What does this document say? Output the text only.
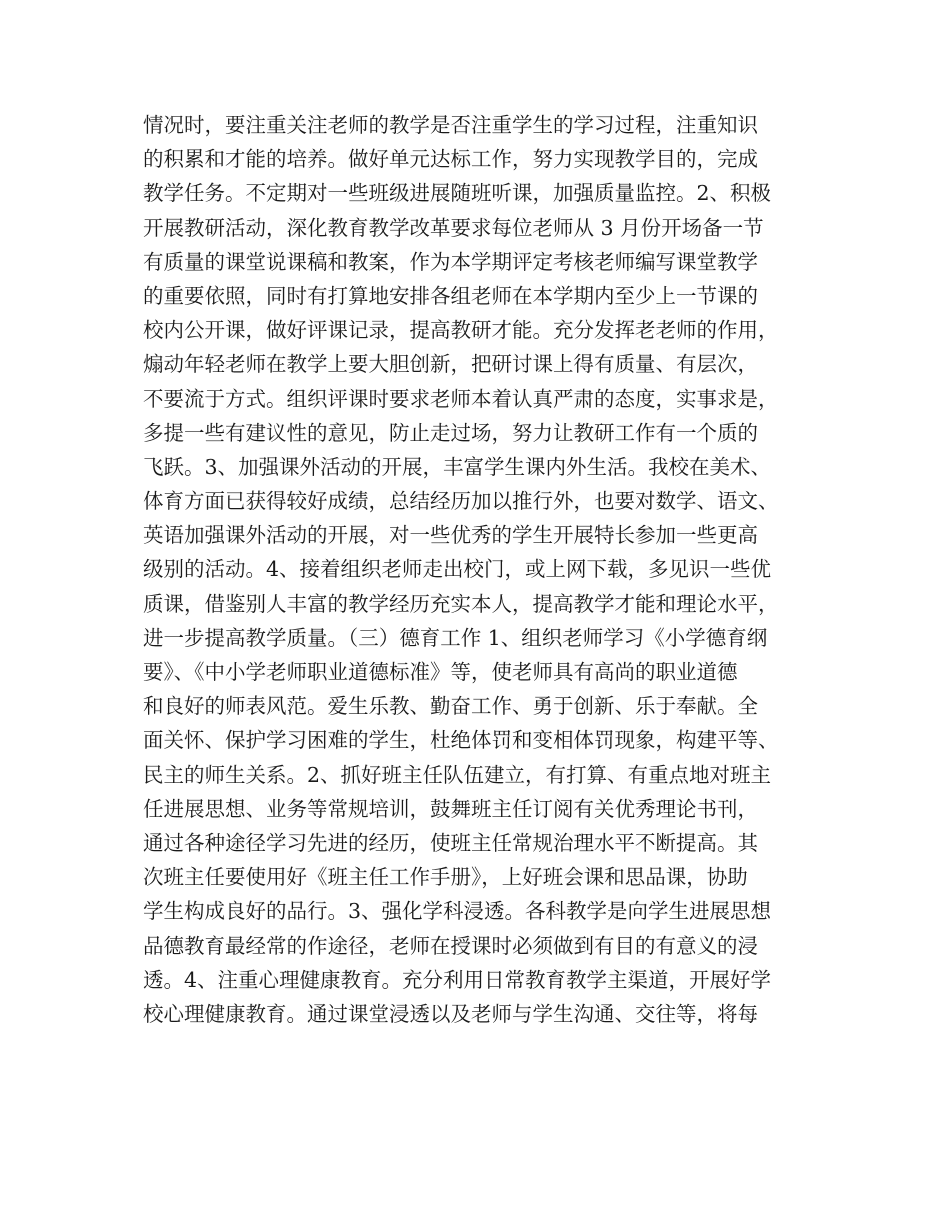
情况时，要注重关注老师的教学是否注重学生的学习过程，注重知识
的积累和才能的培养。做好单元达标工作，努力实现教学目的，完成
教学任务。不定期对一些班级进展随班听课，加强质量监控。2、积极
开展教研活动，深化教育教学改革要求每位老师从 3 月份开场备一节
有质量的课堂说课稿和教案，作为本学期评定考核老师编写课堂教学
的重要依照，同时有打算地安排各组老师在本学期内至少上一节课的
校内公开课，做好评课记录，提高教研才能。充分发挥老老师的作用，
煽动年轻老师在教学上要大胆创新，把研讨课上得有质量、有层次，
不要流于方式。组织评课时要求老师本着认真严肃的态度，实事求是，
多提一些有建议性的意见，防止走过场，努力让教研工作有一个质的
飞跃。3、加强课外活动的开展，丰富学生课内外生活。我校在美术、
体育方面已获得较好成绩，总结经历加以推行外，也要对数学、语文、
英语加强课外活动的开展，对一些优秀的学生开展特长参加一些更高
级别的活动。4、接着组织老师走出校门，或上网下载，多见识一些优
质课，借鉴别人丰富的教学经历充实本人，提高教学才能和理论水平，
进一步提高教学质量。（三）德育工作 1、组织老师学习《小学德育纲
要》、《中小学老师职业道德标准》等，使老师具有高尚的职业道德
和良好的师表风范。爱生乐教、勤奋工作、勇于创新、乐于奉献。全
面关怀、保护学习困难的学生，杜绝体罚和变相体罚现象，构建平等、
民主的师生关系。2、抓好班主任队伍建立，有打算、有重点地对班主
任进展思想、业务等常规培训，鼓舞班主任订阅有关优秀理论书刊，
通过各种途径学习先进的经历，使班主任常规治理水平不断提高。其
次班主任要使用好《班主任工作手册》，上好班会课和思品课，协助
学生构成良好的品行。3、强化学科浸透。各科教学是向学生进展思想
品德教育最经常的作途径，老师在授课时必须做到有目的有意义的浸
透。4、注重心理健康教育。充分利用日常教育教学主渠道，开展好学
校心理健康教育。通过课堂浸透以及老师与学生沟通、交往等，将每
